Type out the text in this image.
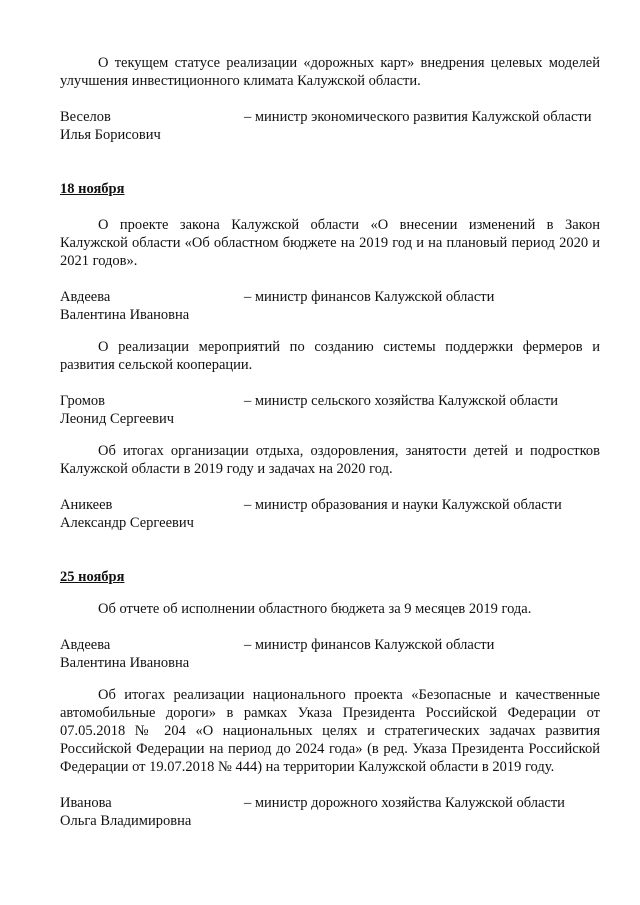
О текущем статусе реализации «дорожных карт» внедрения целевых моделей улучшения инвестиционного климата Калужской области.

Веселов
Илья Борисович
– министр экономического развития Калужской области

18 ноября

О проекте закона Калужской области «О внесении изменений в Закон Калужской области «Об областном бюджете на 2019 год и на плановый период 2020 и 2021 годов».

Авдеева
Валентина Ивановна
– министр финансов Калужской области

О реализации мероприятий по созданию системы поддержки фермеров и развития сельской кооперации.

Громов
Леонид Сергеевич
– министр сельского хозяйства Калужской области

Об итогах организации отдыха, оздоровления, занятости детей и подростков Калужской области в 2019 году и задачах на 2020 год.

Аникеев
Александр Сергеевич
– министр образования и науки Калужской области

25 ноября

Об отчете об исполнении областного бюджета за 9 месяцев 2019 года.

Авдеева
Валентина Ивановна
– министр финансов Калужской области

Об итогах реализации национального проекта «Безопасные и качественные автомобильные дороги» в рамках Указа Президента Российской Федерации от 07.05.2018 № 204 «О национальных целях и стратегических задачах развития Российской Федерации на период до 2024 года» (в ред. Указа Президента Российской Федерации от 19.07.2018 № 444) на территории Калужской области в 2019 году.

Иванова
Ольга Владимировна
– министр дорожного хозяйства Калужской области
